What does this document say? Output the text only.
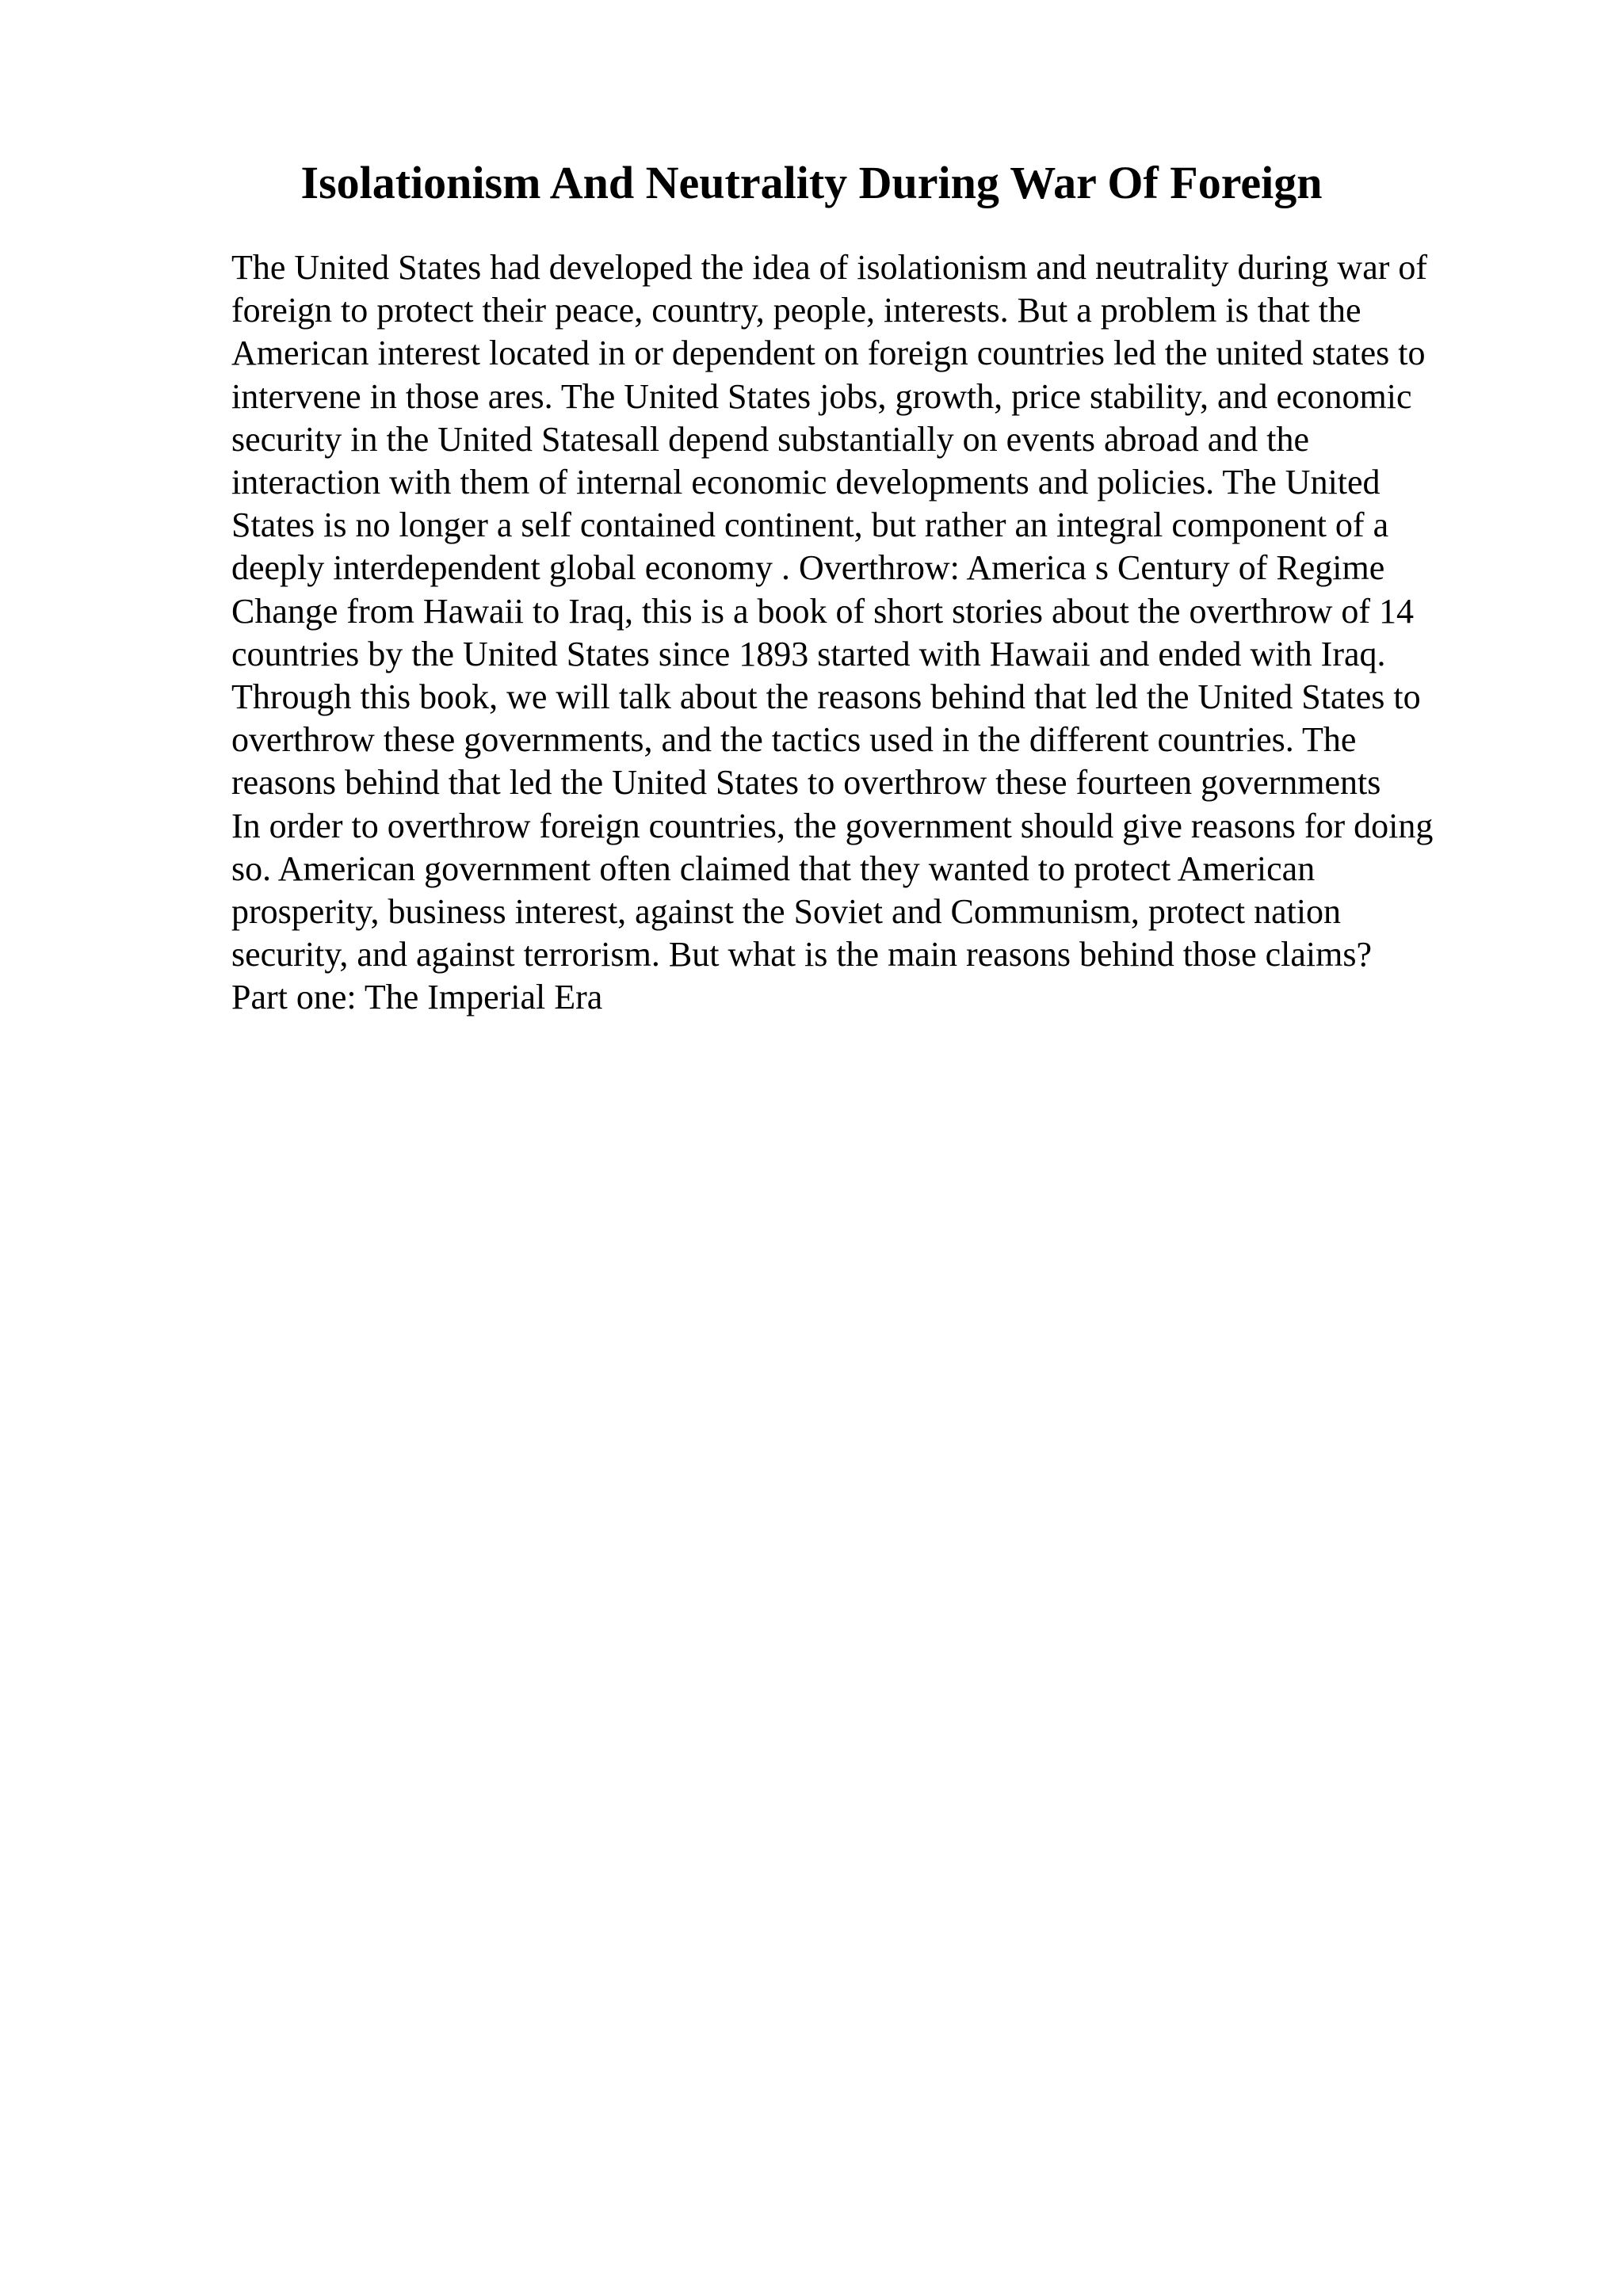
Isolationism And Neutrality During War Of Foreign
The United States had developed the idea of isolationism and neutrality during war of
foreign to protect their peace, country, people, interests. But a problem is that the
American interest located in or dependent on foreign countries led the united states to
intervene in those ares. The United States jobs, growth, price stability, and economic
security in the United Statesall depend substantially on events abroad and the
interaction with them of internal economic developments and policies. The United
States is no longer a self contained continent, but rather an integral component of a
deeply interdependent global economy . Overthrow: America s Century of Regime
Change from Hawaii to Iraq, this is a book of short stories about the overthrow of 14
countries by the United States since 1893 started with Hawaii and ended with Iraq.
Through this book, we will talk about the reasons behind that led the United States to
overthrow these governments, and the tactics used in the different countries. The
reasons behind that led the United States to overthrow these fourteen governments
In order to overthrow foreign countries, the government should give reasons for doing
so. American government often claimed that they wanted to protect American
prosperity, business interest, against the Soviet and Communism, protect nation
security, and against terrorism. But what is the main reasons behind those claims?
Part one: The Imperial Era
